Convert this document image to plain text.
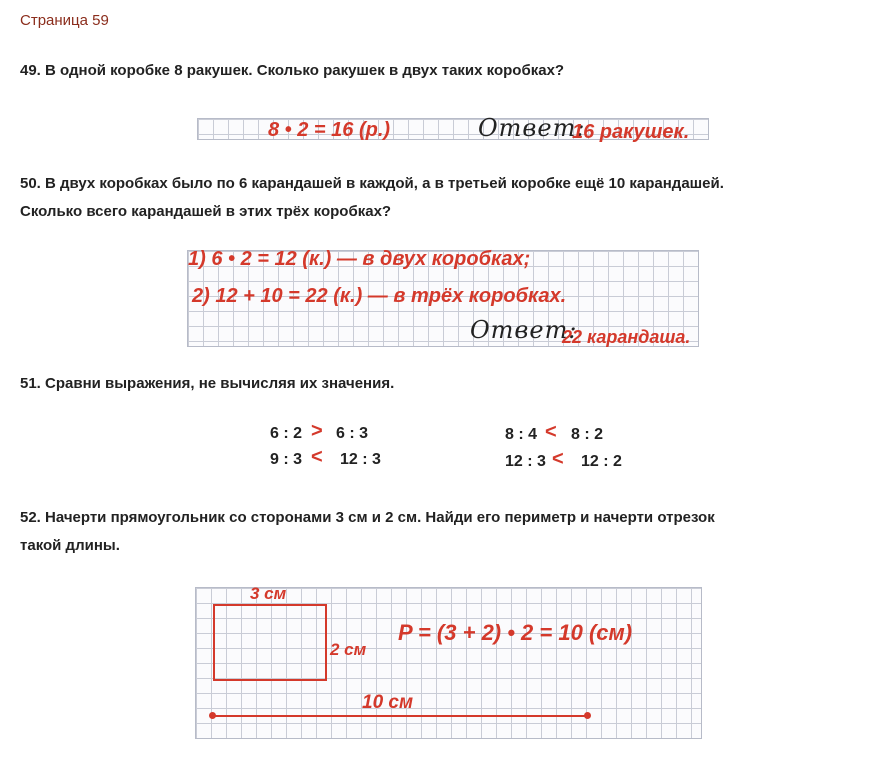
Страница 59
49. В одной коробке 8 ракушек. Сколько ракушек в двух таких коробках?
8 • 2 = 16 (р.)	Ответ:
16 ракушек.
50. В двух коробках было по 6 карандашей в каждой, а в третьей коробке ещё 10 карандашей.
Сколько всего карандашей в этих трёх коробках?
1) 6 • 2 = 12 (к.) — в двух коробках;
2) 12 + 10 = 22 (к.) — в трёх коробках.
Ответ:
22 карандаша.
51. Сравни выражения, не вычисляя их значения.
6 : 2 > 6 : 3
9 : 3 < 12 : 3
8 : 4 < 8 : 2
12 : 3 < 12 : 2
52. Начерти прямоугольник со сторонами 3 см и 2 см. Найди его периметр и начерти отрезок
такой длины.
3 см
2 см
P = (3 + 2) • 2 = 10 (см)
10 см
